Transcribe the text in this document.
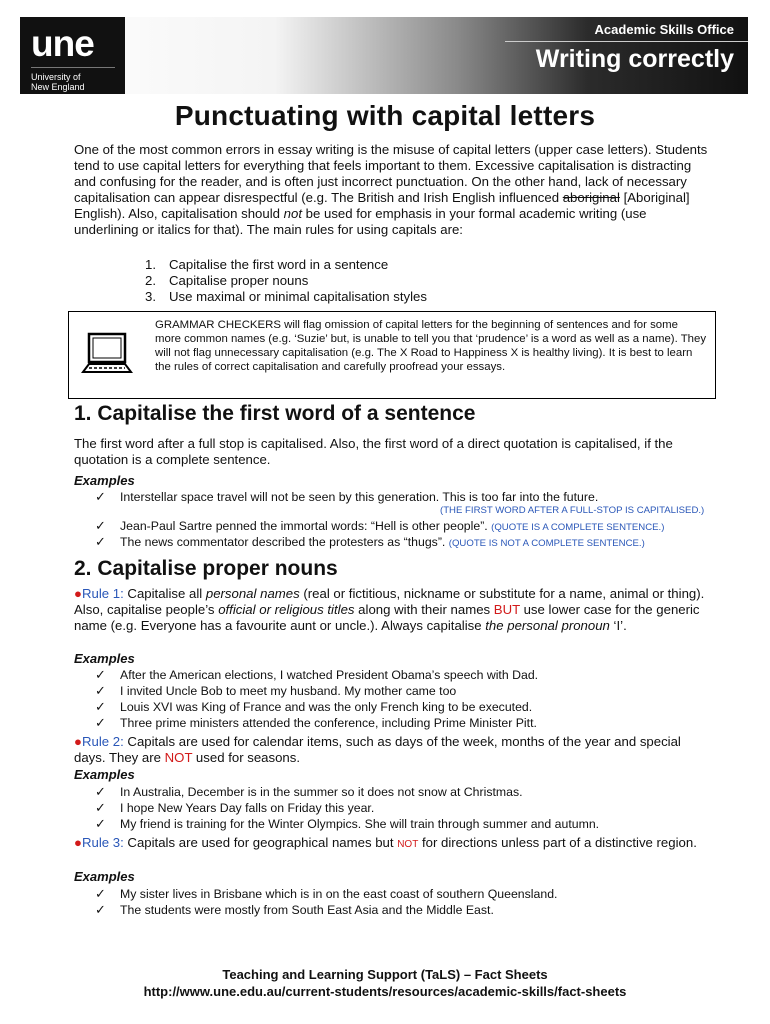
une
University of
New England
Academic Skills Office
Writing correctly
Punctuating with capital letters

One of the most common errors in essay writing is the misuse of capital letters (upper case letters). Students tend to use capital letters for everything that feels important to them. Excessive capitalisation is distracting and confusing for the reader, and is often just incorrect punctuation. On the other hand, lack of necessary capitalisation can appear disrespectful (e.g. The British and Irish English influenced aboriginal [Aboriginal] English). Also, capitalisation should not be used for emphasis in your formal academic writing (use underlining or italics for that). The main rules for using capitals are:

1. Capitalise the first word in a sentence
2. Capitalise proper nouns
3. Use maximal or minimal capitalisation styles
GRAMMAR CHECKERS will flag omission of capital letters for the beginning of sentences and for some more common names (e.g. ‘Suzie’ but, is unable to tell you that ‘prudence’ is a word as well as a name). They will not flag unnecessary capitalisation (e.g. The X Road to Happiness X is healthy living). It is best to learn the rules of correct capitalisation and carefully proofread your essays.
1. Capitalise the first word of a sentence

The first word after a full stop is capitalised. Also, the first word of a direct quotation is capitalised, if the quotation is a complete sentence.

Examples
✓ Interstellar space travel will not be seen by this generation. This is too far into the future.
(THE FIRST WORD AFTER A FULL-STOP IS CAPITALISED.)
✓ Jean-Paul Sartre penned the immortal words: “Hell is other people”. (QUOTE IS A COMPLETE SENTENCE.)
✓ The news commentator described the protesters as “thugs”. (QUOTE IS NOT A COMPLETE SENTENCE.)
2. Capitalise proper nouns
●Rule 1: Capitalise all personal names (real or fictitious, nickname or substitute for a name, animal or thing). Also, capitalise people’s official or religious titles along with their names BUT use lower case for the generic name (e.g. Everyone has a favourite aunt or uncle.). Always capitalise the personal pronoun ‘I’.
Examples
✓ After the American elections, I watched President Obama’s speech with Dad.
✓ I invited Uncle Bob to meet my husband. My mother came too
✓ Louis XVI was King of France and was the only French king to be executed.
✓ Three prime ministers attended the conference, including Prime Minister Pitt.
●Rule 2: Capitals are used for calendar items, such as days of the week, months of the year and special days. They are NOT used for seasons.
Examples
✓ In Australia, December is in the summer so it does not snow at Christmas.
✓ I hope New Years Day falls on Friday this year.
✓ My friend is training for the Winter Olympics. She will train through summer and autumn.
●Rule 3: Capitals are used for geographical names but NOT for directions unless part of a distinctive region.
Examples
✓ My sister lives in Brisbane which is in on the east coast of southern Queensland.
✓ The students were mostly from South East Asia and the Middle East.
Teaching and Learning Support (TaLS) – Fact Sheets
http://www.une.edu.au/current-students/resources/academic-skills/fact-sheets
